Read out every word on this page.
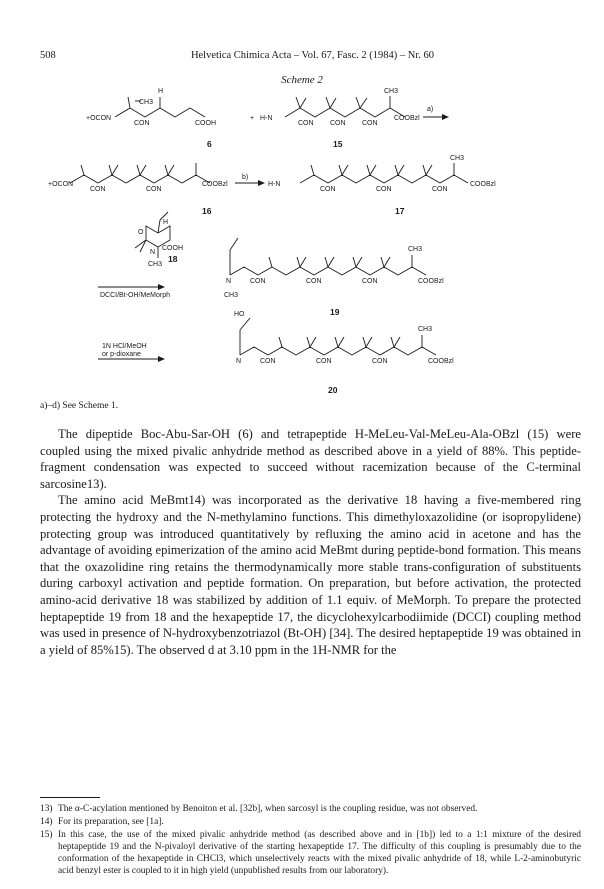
508	Helvetica Chimica Acta – Vol. 67, Fasc. 2 (1984) – Nr. 60
Scheme 2
+OCON
CON	COOH
H
CH3
+ H-N
CON CON CON
COOBzl
CH3
a)
6	15
+OCON
CON	CON
COOBzl
b)
H-N
CON	CON	CON
COOBzl
CH3
16	17
H
O
N
COOH
CH3
18
DCCI/Bt-OH/MeMorph
N	CON	CON	CON	COOBzl
CH3
CH3
19
1N HCl/MeOH
or p-dioxane
HO
N	CON	CON	CON	COOBzl
CH3
20
a)–d) See Scheme 1.

The dipeptide Boc-Abu-Sar-OH (6) and tetrapeptide H-MeLeu-Val-MeLeu-Ala-OBzl (15) were coupled using the mixed pivalic anhydride method as described above in a yield of 88%. This peptide-fragment condensation was expected to succeed without racemization because of the C-terminal sarcosine13).

The amino acid MeBmt14) was incorporated as the derivative 18 having a five-membered ring protecting the hydroxy and the N-methylamino functions. This dimethyloxazolidine (or isopropylidene) protecting group was introduced quantitatively by refluxing the amino acid in acetone and has the advantage of avoiding epimerization of the amino acid MeBmt during peptide-bond formation. This means that the oxazolidine ring retains the thermodynamically more stable trans-configuration of substituents during carboxyl activation and peptide formation. On preparation, but before activation, the protected amino-acid derivative 18 was stabilized by addition of 1.1 equiv. of MeMorph. To prepare the protected heptapeptide 19 from 18 and the hexapeptide 17, the dicyclohexylcarbodiimide (DCCI) coupling method was used in presence of N-hydroxybenzotriazol (Bt-OH) [34]. The desired heptapeptide 19 was obtained in a yield of 85%15). The observed d at 3.10 ppm in the 1H-NMR for the

13) The α-C-acylation mentioned by Benoiton et al. [32b], when sarcosyl is the coupling residue, was not observed.
14) For its preparation, see [1a].
15) In this case, the use of the mixed pivalic anhydride method (as described above and in [1b]) led to a 1:1 mixture of the desired heptapeptide 19 and the N-pivaloyl derivative of the starting hexapeptide 17. The difficulty of this coupling is presumably due to the conformation of the hexapeptide in CHCl3, which unselectively reacts with the mixed pivalic anhydride of 18, while L-2-aminobutyric acid benzyl ester is coupled to it in high yield (unpublished results from our laboratory).
